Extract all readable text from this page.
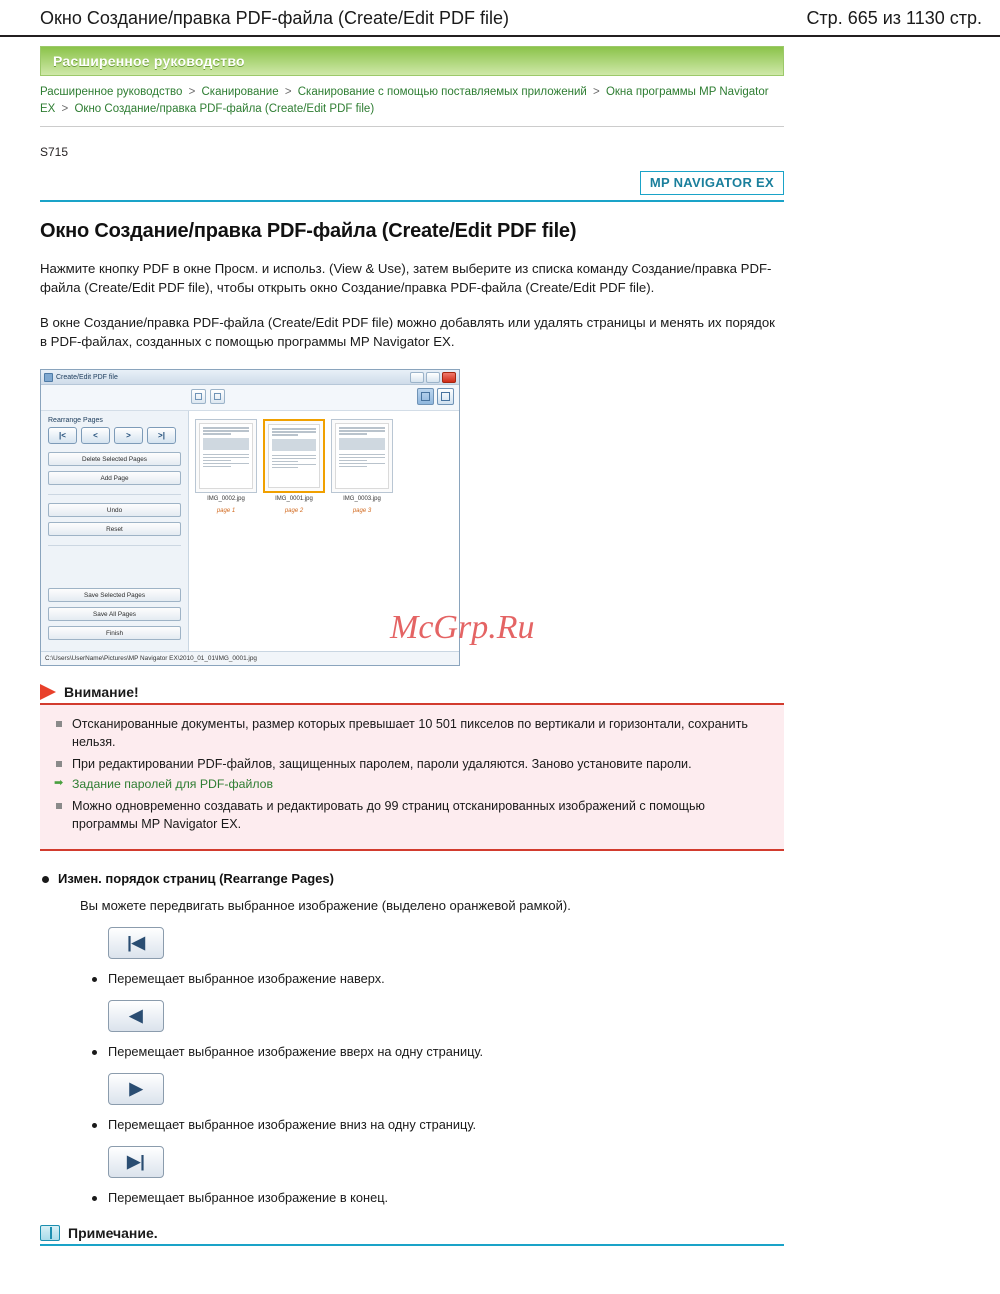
Окно Создание/правка PDF-файла (Create/Edit PDF file)	Стр. 665 из 1130 стр.
Расширенное руководство
Расширенное руководство > Сканирование > Сканирование с помощью поставляемых приложений > Окна программы MP Navigator EX > Окно Создание/правка PDF-файла (Create/Edit PDF file)
S715
MP NAVIGATOR EX
Окно Создание/правка PDF-файла (Create/Edit PDF file)

Нажмите кнопку PDF в окне Просм. и использ. (View & Use), затем выберите из списка команду Создание/правка PDF-файла (Create/Edit PDF file), чтобы открыть окно Создание/правка PDF-файла (Create/Edit PDF file).

В окне Создание/правка PDF-файла (Create/Edit PDF file) можно добавлять или удалять страницы и менять их порядок в PDF-файлах, созданных с помощью программы MP Navigator EX.

Create/Edit PDF file
Rearrange Pages
|<	<	>	>|
Delete Selected Pages
Add Page
Undo
Reset
Save Selected Pages
Save All Pages
Finish
IMG_0002.jpg
page 1
IMG_0001.jpg
page 2
IMG_0003.jpg
page 3
C:\Users\UserName\Pictures\MP Navigator EX\2010_01_01\IMG_0001.jpg
McGrp.Ru
Внимание!
Отсканированные документы, размер которых превышает 10 501 пикселов по вертикали и горизонтали, сохранить нельзя.
При редактировании PDF-файлов, защищенных паролем, пароли удаляются. Заново установите пароли.
➡ Задание паролей для PDF-файлов
Можно одновременно создавать и редактировать до 99 страниц отсканированных изображений с помощью программы MP Navigator EX.
Измен. порядок страниц (Rearrange Pages)
Вы можете передвигать выбранное изображение (выделено оранжевой рамкой).
|◀
Перемещает выбранное изображение наверх.
◀
Перемещает выбранное изображение вверх на одну страницу.
▶
Перемещает выбранное изображение вниз на одну страницу.
▶|
Перемещает выбранное изображение в конец.
Примечание.
